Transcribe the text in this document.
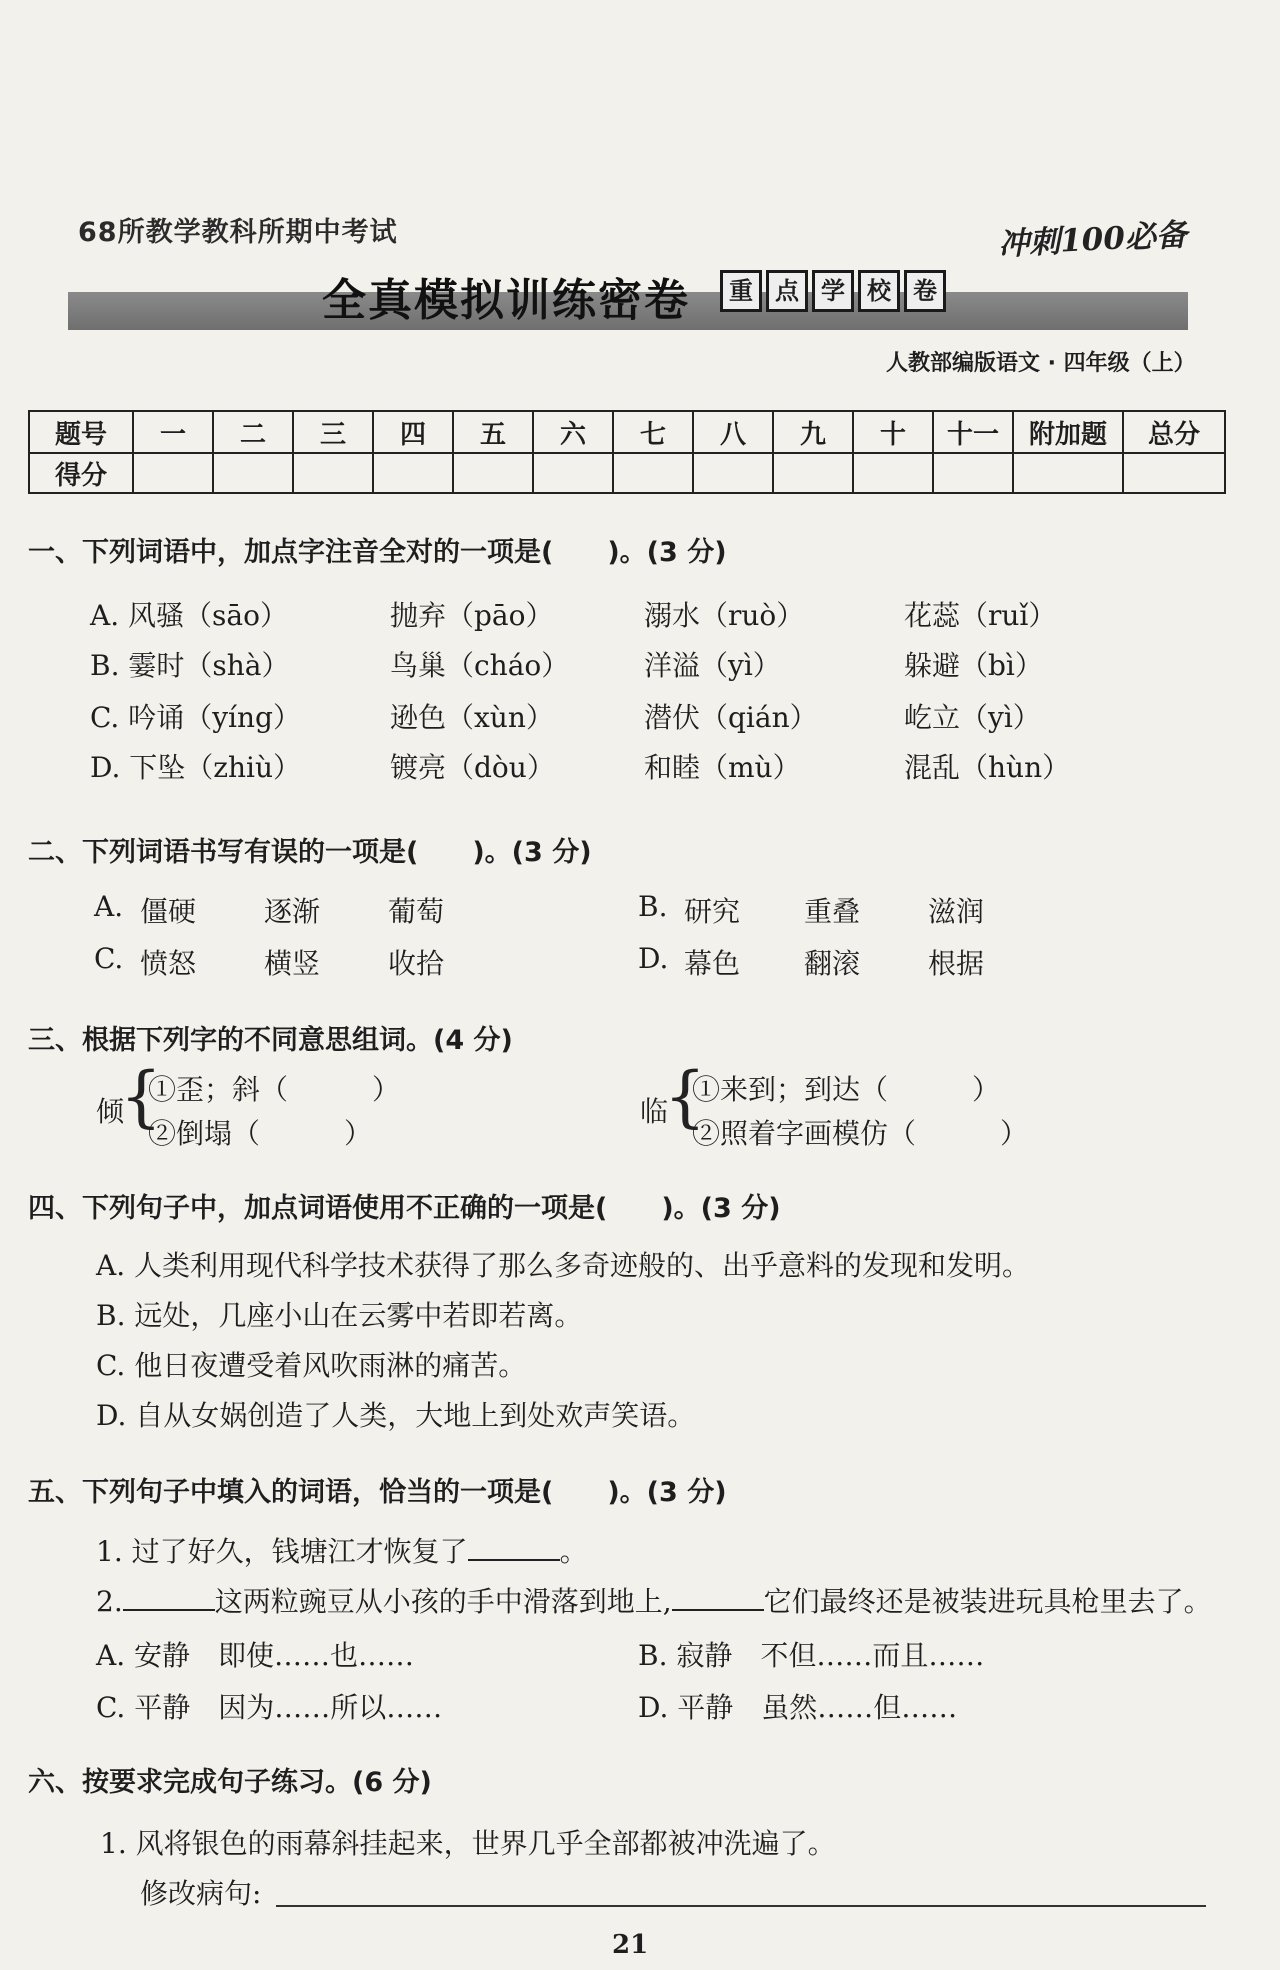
68所教学教科所期中考试	冲刺100必备
全真模拟训练密卷	重 点 学 校 卷
人教部编版语文 · 四年级（上）
题号	一	二	三	四	五	六	七	八	九	十	十一	附加题	总分
得分													
一、下列词语中，加点字注音全对的一项是(　　)。(3 分)
A. 风骚（sāo）	抛弃（pāo）	溺水（ruò）	花蕊（ruǐ）
B. 霎时（shà）	鸟巢（cháo）	洋溢（yì）	躲避（bì）
C. 吟诵（yíng）	逊色（xùn）	潜伏（qián）	屹立（yì）
D. 下坠（zhiù）	镀亮（dòu）	和睦（mù）	混乱（hùn）
二、下列词语书写有误的一项是(　　)。(3 分)
A. 僵硬 逐渐 葡萄	B. 研究 重叠 滋润
C. 愤怒 横竖 收拾	D. 幕色 翻滚 根据
三、根据下列字的不同意思组词。(4 分)
倾
{
①歪；斜（　　　）
②倒塌（　　　）
临
{
①来到；到达（　　　）
②照着字画模仿（　　　）
四、下列句子中，加点词语使用不正确的一项是(　　)。(3 分)
A. 人类利用现代科学技术获得了那么多奇迹般的、出乎意料的发现和发明。
B. 远处，几座小山在云雾中若即若离。
C. 他日夜遭受着风吹雨淋的痛苦。
D. 自从女娲创造了人类，大地上到处欢声笑语。
五、下列句子中填入的词语，恰当的一项是(　　)。(3 分)
1. 过了好久，钱塘江才恢复了	。
2.	这两粒豌豆从小孩的手中滑落到地上,	它们最终还是被装进玩具枪里去了。
A. 安静　即使……也……	B. 寂静　不但……而且……
C. 平静　因为……所以……	D. 平静　虽然……但……
六、按要求完成句子练习。(6 分)
1. 风将银色的雨幕斜挂起来，世界几乎全部都被冲洗遍了。
修改病句:
21
